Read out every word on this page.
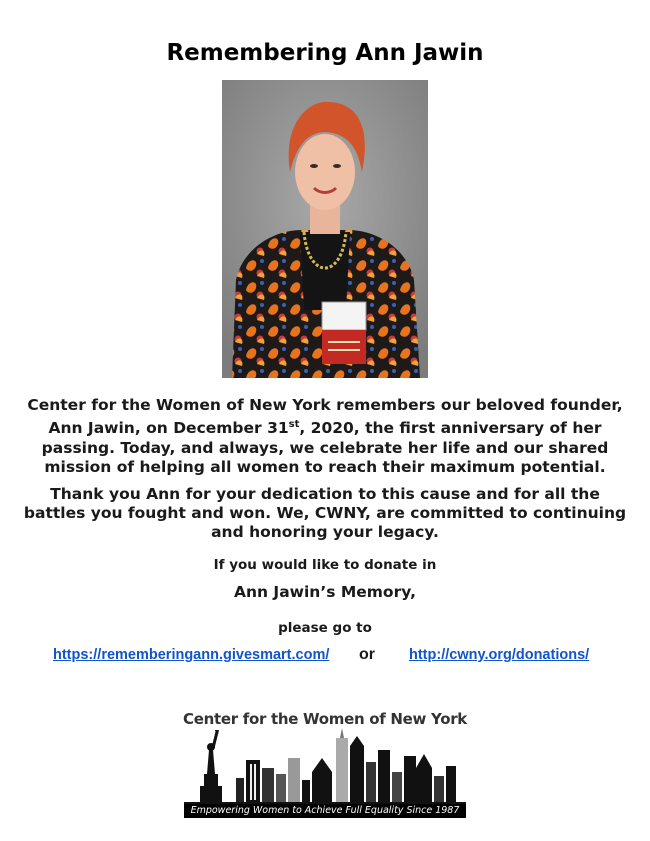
Remembering Ann Jawin

Center for the Women of New York remembers our beloved founder, Ann Jawin, on December 31st, 2020, the first anniversary of her passing. Today, and always, we celebrate her life and our shared mission of helping all women to reach their maximum potential.

Thank you Ann for your dedication to this cause and for all the battles you fought and won. We, CWNY, are committed to continuing and honoring your legacy.

If you would like to donate in

Ann Jawin’s Memory,

please go to

https://rememberingann.givesmart.com/ or http://cwny.org/donations/

Center for the Women of New York

Empowering Women to Achieve Full Equality Since 1987
